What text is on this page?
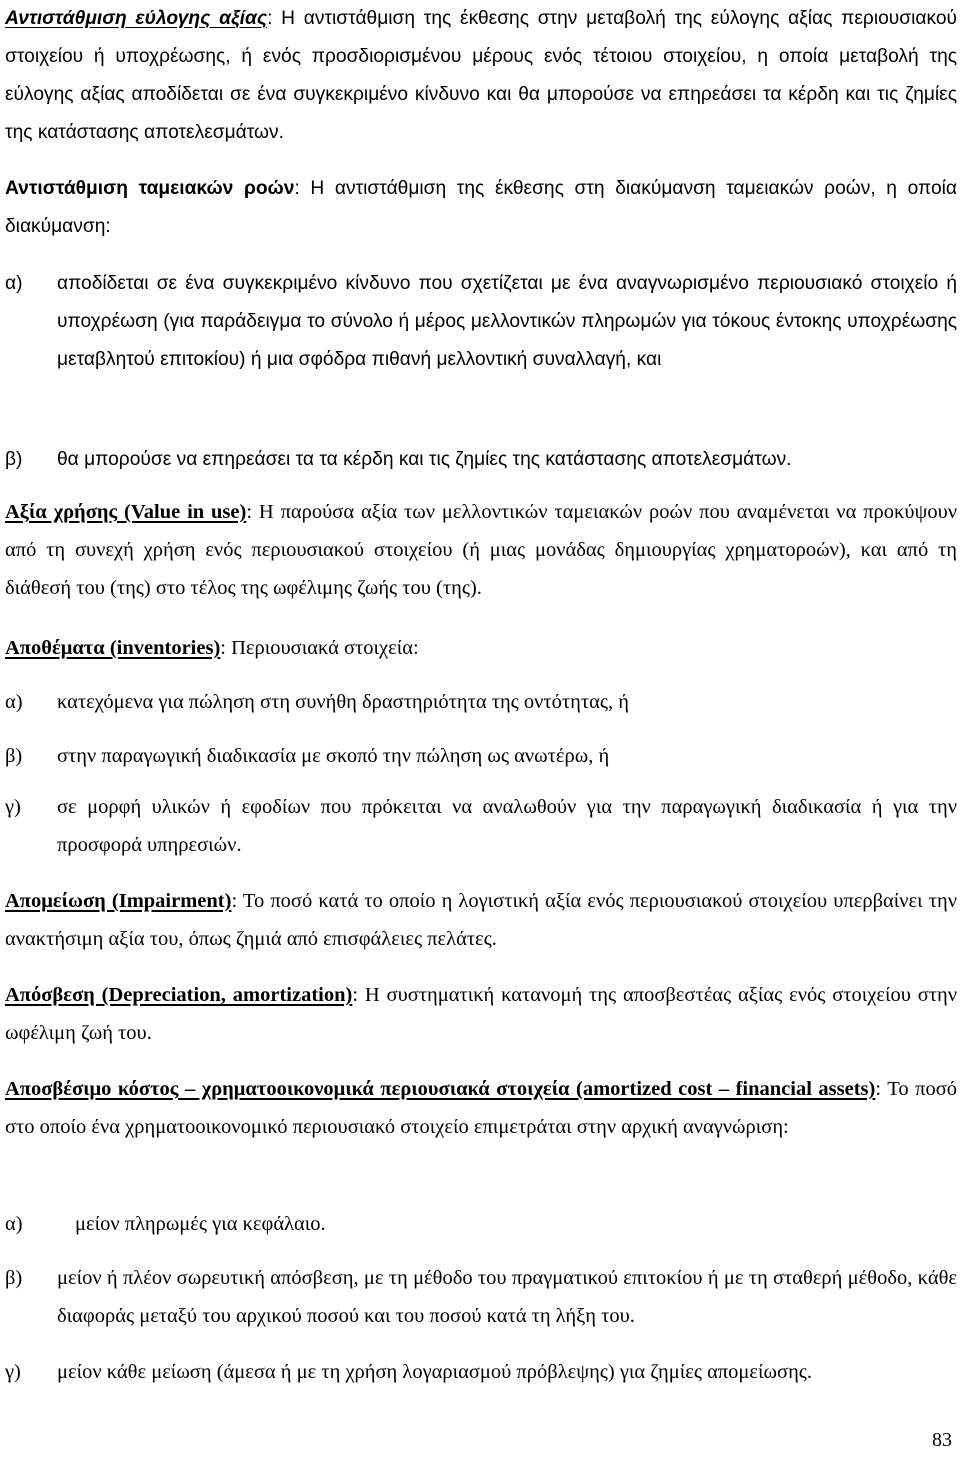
Αντιστάθμιση εύλογης αξίας: Η αντιστάθμιση της έκθεσης στην μεταβολή της εύλογης αξίας περιουσιακού στοιχείου ή υποχρέωσης, ή ενός προσδιορισμένου μέρους ενός τέτοιου στοιχείου, η οποία μεταβολή της εύλογης αξίας αποδίδεται σε ένα συγκεκριμένο κίνδυνο και θα μπορούσε να επηρεάσει τα κέρδη και τις ζημίες της κατάστασης αποτελεσμάτων.

Αντιστάθμιση ταμειακών ροών: Η αντιστάθμιση της έκθεσης στη διακύμανση ταμειακών ροών, η οποία διακύμανση:

α) αποδίδεται σε ένα συγκεκριμένο κίνδυνο που σχετίζεται με ένα αναγνωρισμένο περιουσιακό στοιχείο ή υποχρέωση (για παράδειγμα το σύνολο ή μέρος μελλοντικών πληρωμών για τόκους έντοκης υποχρέωσης μεταβλητού επιτοκίου) ή μια σφόδρα πιθανή μελλοντική συναλλαγή, και
β) θα μπορούσε να επηρεάσει τα τα κέρδη και τις ζημίες της κατάστασης αποτελεσμάτων.

Αξία χρήσης (Value in use): Η παρούσα αξία των μελλοντικών ταμειακών ροών που αναμένεται να προκύψουν από τη συνεχή χρήση ενός περιουσιακού στοιχείου (ή μιας μονάδας δημιουργίας χρηματοροών), και από τη διάθεσή του (της) στο τέλος της ωφέλιμης ζωής του (της).

Αποθέματα (inventories): Περιουσιακά στοιχεία:

α) κατεχόμενα για πώληση στη συνήθη δραστηριότητα της οντότητας, ή
β) στην παραγωγική διαδικασία με σκοπό την πώληση ως ανωτέρω, ή
γ) σε μορφή υλικών ή εφοδίων που πρόκειται να αναλωθούν για την παραγωγική διαδικασία ή για την προσφορά υπηρεσιών.

Απομείωση (Impairment): Το ποσό κατά το οποίο η λογιστική αξία ενός περιουσιακού στοιχείου υπερβαίνει την ανακτήσιμη αξία του, όπως ζημιά από επισφάλειες πελάτες.

Απόσβεση (Depreciation, amortization): Η συστηματική κατανομή της αποσβεστέας αξίας ενός στοιχείου στην ωφέλιμη ζωή του.

Αποσβέσιμο κόστος – χρηματοοικονομικά περιουσιακά στοιχεία (amortized cost – financial assets): Το ποσό στο οποίο ένα χρηματοοικονομικό περιουσιακό στοιχείο επιμετράται στην αρχική αναγνώριση:

α)	μείον πληρωμές για κεφάλαιο.
β) μείον ή πλέον σωρευτική απόσβεση, με τη μέθοδο του πραγματικού επιτοκίου ή με τη σταθερή μέθοδο, κάθε διαφοράς μεταξύ του αρχικού ποσού και του ποσού κατά τη λήξη του.
γ) μείον κάθε μείωση (άμεσα ή με τη χρήση λογαριασμού πρόβλεψης) για ζημίες απομείωσης.
83
